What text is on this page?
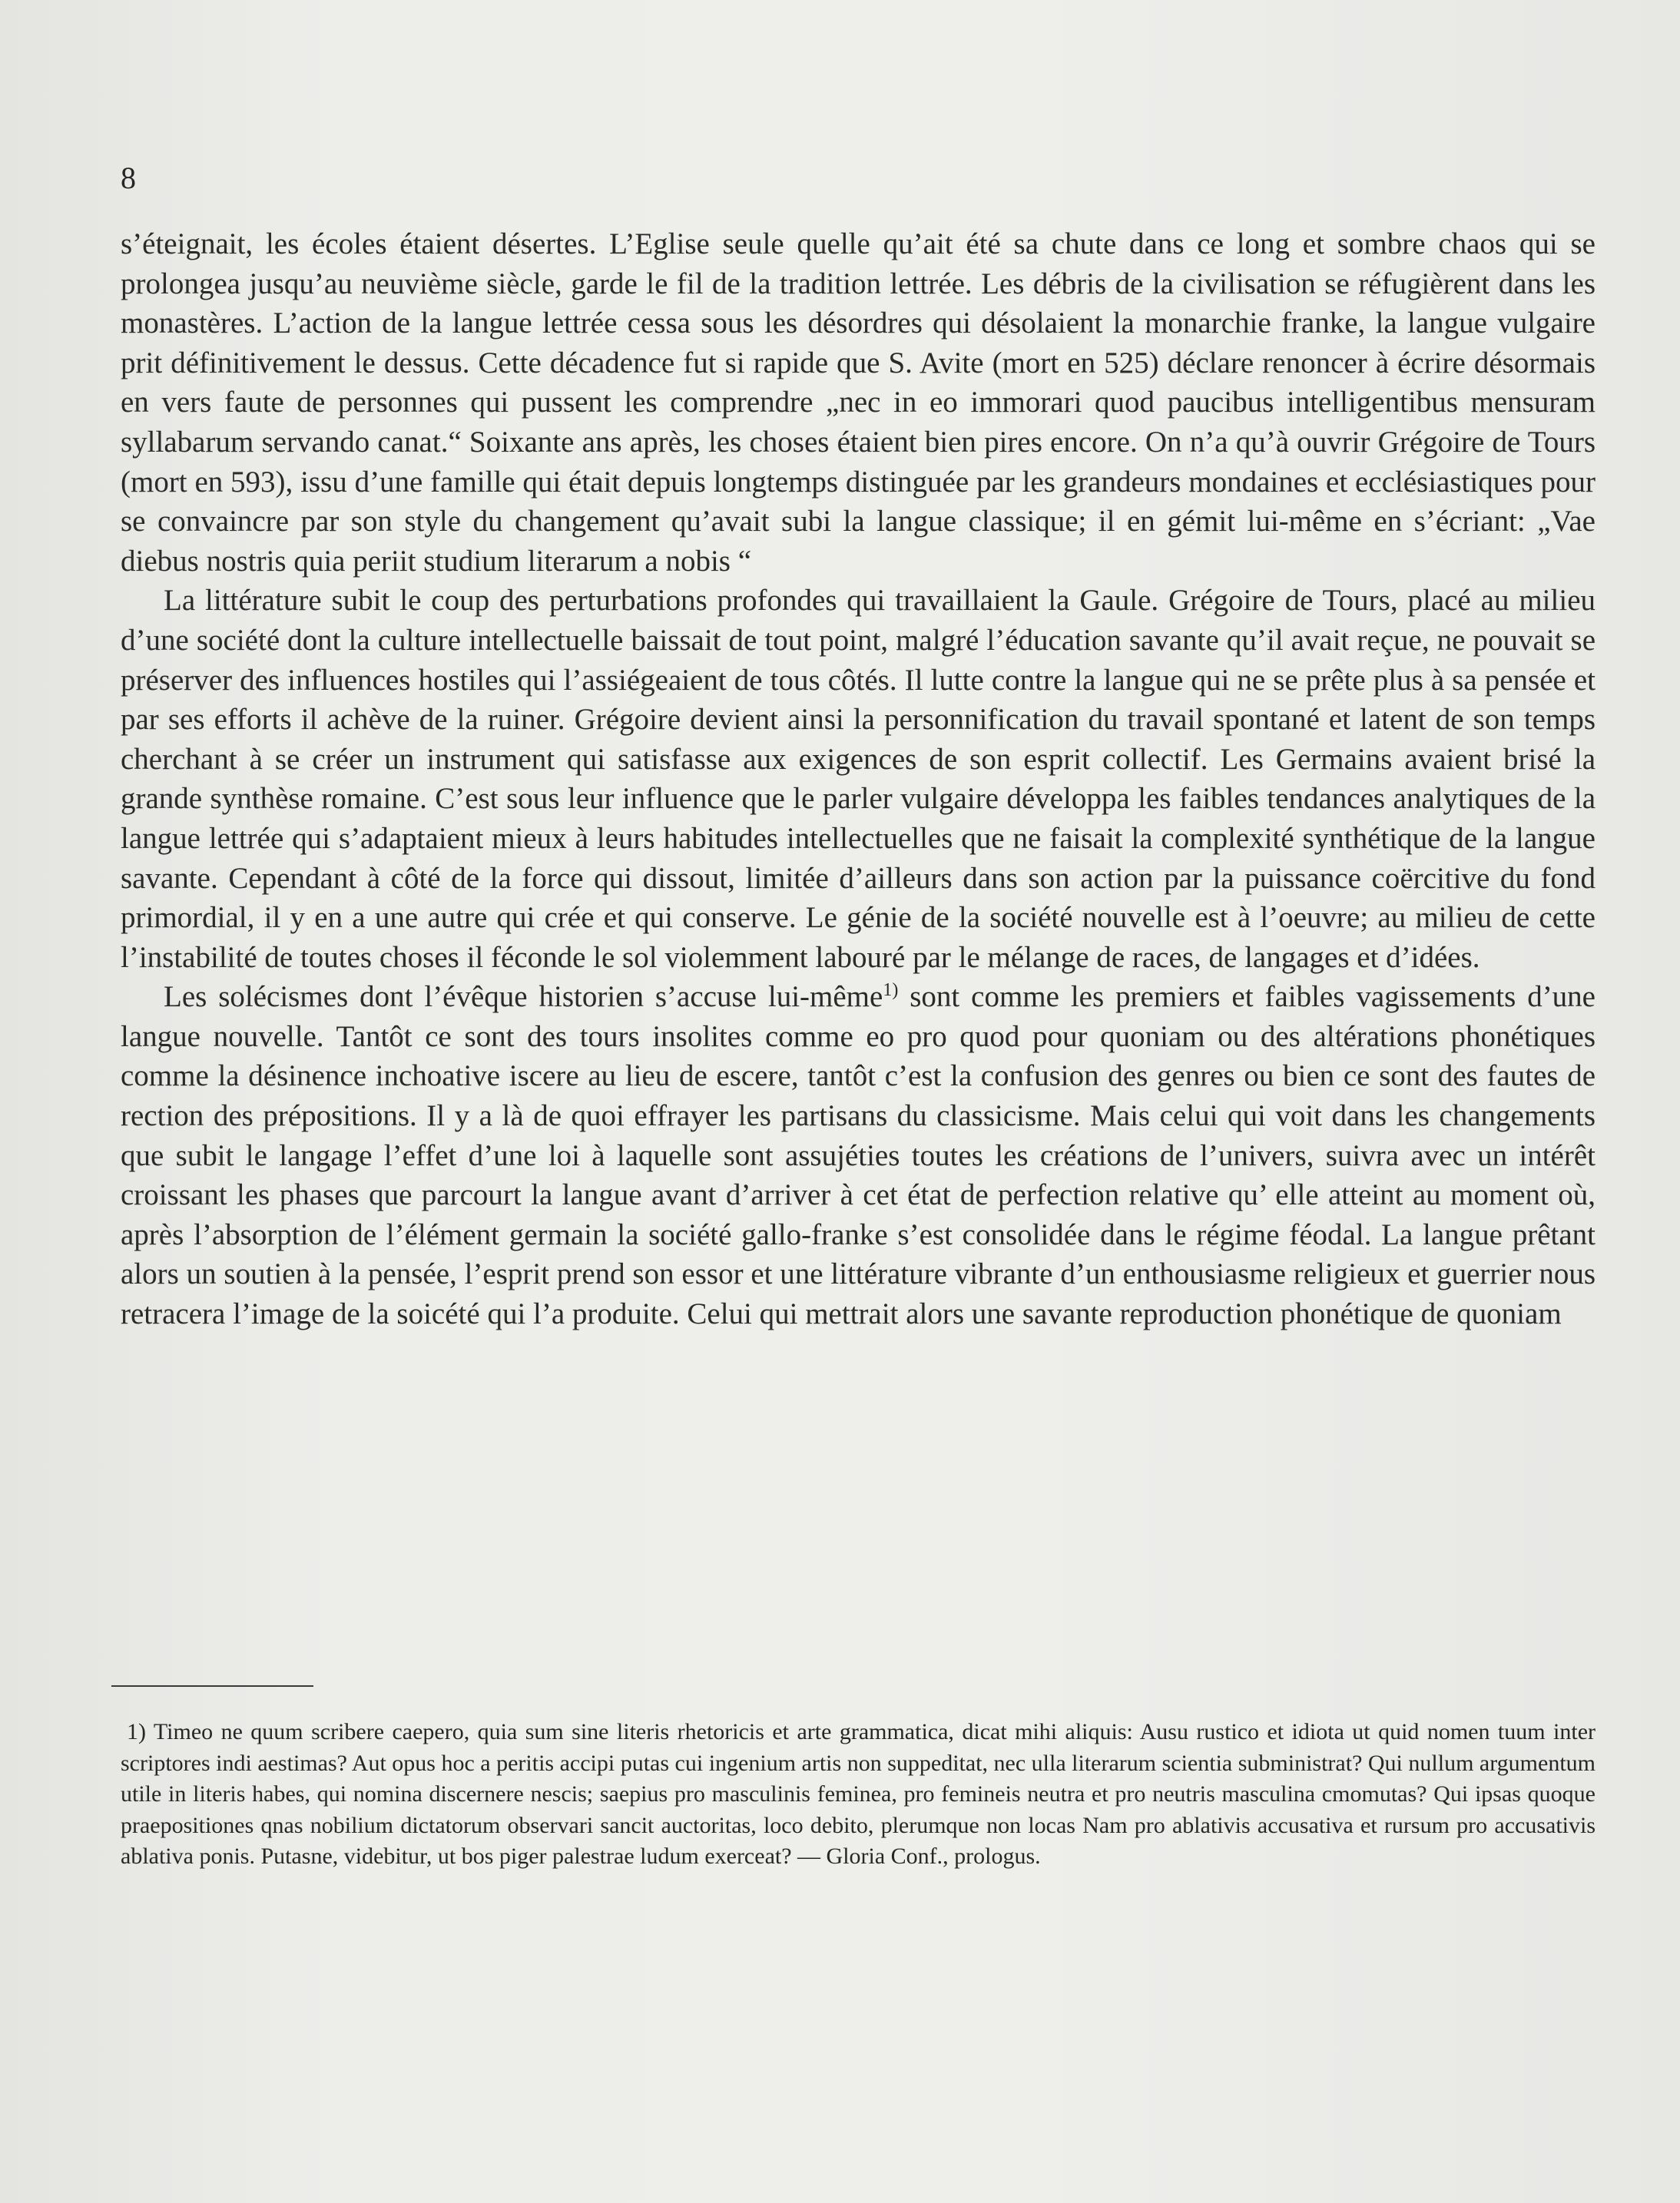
8

s’éteignait, les écoles étaient désertes. L’Eglise seule quelle qu’ait été sa chute dans ce long et sombre chaos qui se prolongea jusqu’au neuvième siècle, garde le fil de la tradition lettrée. Les débris de la civilisation se réfugièrent dans les monastères. L’action de la langue lettrée cessa sous les désordres qui désolaient la monarchie franke, la langue vulgaire prit définitivement le dessus. Cette décadence fut si rapide que S. Avite (mort en 525) déclare renoncer à écrire désormais en vers faute de personnes qui pussent les comprendre „nec in eo immorari quod paucibus intelligentibus mensuram syllabarum servando canat.“ Soixante ans après, les choses étaient bien pires encore. On n’a qu’à ouvrir Grégoire de Tours (mort en 593), issu d’une famille qui était depuis longtemps distinguée par les grandeurs mondaines et ecclésiastiques pour se convaincre par son style du changement qu’avait subi la langue classique; il en gémit lui-même en s’écriant: „Vae diebus nostris quia periit studium literarum a nobis “

La littérature subit le coup des perturbations profondes qui travaillaient la Gaule. Grégoire de Tours, placé au milieu d’une société dont la culture intellectuelle baissait de tout point, malgré l’éducation savante qu’il avait reçue, ne pouvait se préserver des influences hostiles qui l’assiégeaient de tous côtés. Il lutte contre la langue qui ne se prête plus à sa pensée et par ses efforts il achève de la ruiner. Grégoire devient ainsi la personnification du travail spontané et latent de son temps cherchant à se créer un instrument qui satisfasse aux exigences de son esprit collectif. Les Germains avaient brisé la grande synthèse romaine. C’est sous leur influence que le parler vulgaire développa les faibles tendances analytiques de la langue lettrée qui s’adaptaient mieux à leurs habitudes intellectuelles que ne faisait la complexité synthétique de la langue savante. Cependant à côté de la force qui dissout, limitée d’ailleurs dans son action par la puissance coërcitive du fond primordial, il y en a une autre qui crée et qui conserve. Le génie de la société nouvelle est à l’oeuvre; au milieu de cette l’instabilité de toutes choses il féconde le sol violemment labouré par le mélange de races, de langages et d’idées.

Les solécismes dont l’évêque historien s’accuse lui-même$^{1)}$ sont comme les premiers et faibles vagissements d’une langue nouvelle. Tantôt ce sont des tours insolites comme eo pro quod pour quoniam ou des altérations phonétiques comme la désinence inchoative iscere au lieu de escere, tantôt c’est la confusion des genres ou bien ce sont des fautes de rection des prépositions. Il y a là de quoi effrayer les partisans du classicisme. Mais celui qui voit dans les changements que subit le langage l’effet d’une loi à laquelle sont assujéties toutes les créations de l’univers, suivra avec un intérêt croissant les phases que parcourt la langue avant d’arriver à cet état de perfection relative qu’ elle atteint au moment où, après l’absorption de l’élément germain la société gallo-franke s’est consolidée dans le régime féodal. La langue prêtant alors un soutien à la pensée, l’esprit prend son essor et une littérature vibrante d’un enthousiasme religieux et guerrier nous retracera l’image de la soicété qui l’a produite. Celui qui mettrait alors une savante reproduction phonétique de quoniam

1) Timeo ne quum scribere caepero, quia sum sine literis rhetoricis et arte grammatica, dicat mihi aliquis: Ausu rustico et idiota ut quid nomen tuum inter scriptores indi aestimas? Aut opus hoc a peritis accipi putas cui ingenium artis non suppeditat, nec ulla literarum scientia subministrat? Qui nullum argumentum utile in literis habes, qui nomina discernere nescis; saepius pro masculinis feminea, pro femineis neutra et pro neutris masculina cmomutas? Qui ipsas quoque praepositiones qnas nobilium dictatorum observari sancit auctoritas, loco debito, plerumque non locas Nam pro ablativis accusativa et rursum pro accusativis ablativa ponis. Putasne, videbitur, ut bos piger palestrae ludum exerceat? — Gloria Conf., prologus.
